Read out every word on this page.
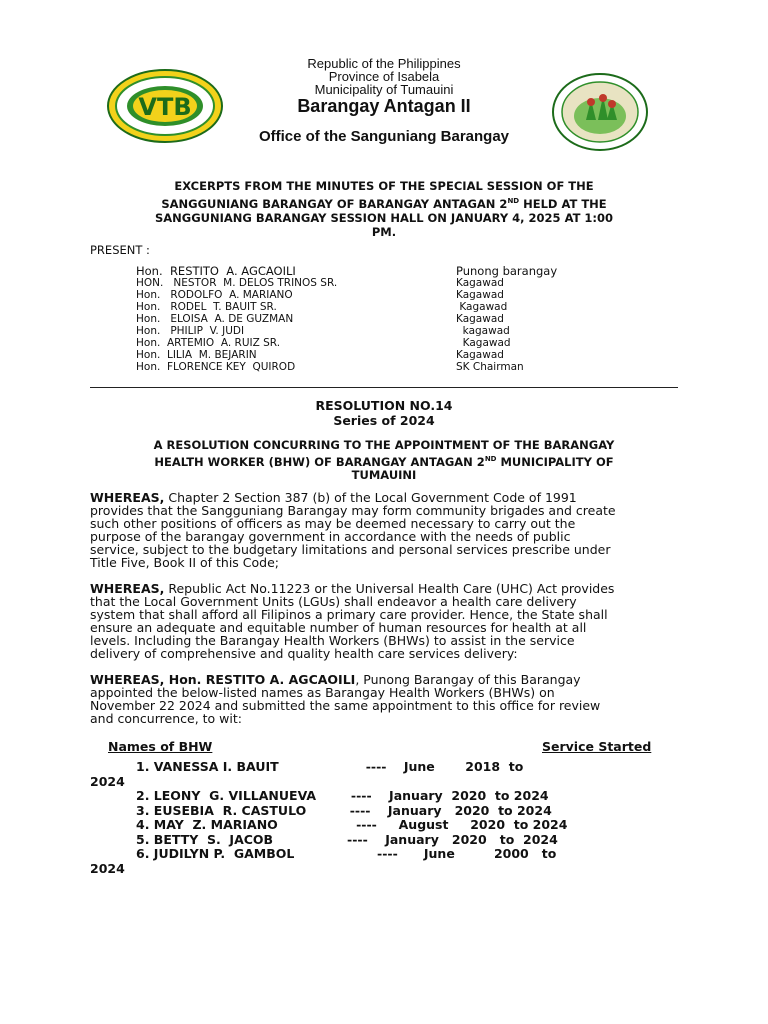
VTB
Republic of the Philippines
Province of Isabela
Municipality of Tumauini
Barangay Antagan II
Office of the Sanguniang Barangay
EXCERPTS FROM THE MINUTES OF THE SPECIAL SESSION OF THE
SANGGUNIANG BARANGAY OF BARANGAY ANTAGAN 2ND HELD AT THE
SANGGUNIANG BARANGAY SESSION HALL ON JANUARY 4, 2025 AT 1:00
PM.
PRESENT :
Hon.  RESTITO  A. AGCAOILI	Punong barangay
HON.   NESTOR  M. DELOS TRINOS SR.	Kagawad
Hon.   RODOLFO  A. MARIANO	Kagawad
Hon.   RODEL  T. BAUIT SR.	Kagawad
Hon.   ELOISA  A. DE GUZMAN	Kagawad
Hon.   PHILIP  V. JUDI	kagawad
Hon.  ARTEMIO  A. RUIZ SR.	Kagawad
Hon.  LILIA  M. BEJARIN	Kagawad
Hon.  FLORENCE KEY  QUIROD	SK Chairman
RESOLUTION NO.14
Series of 2024
A RESOLUTION CONCURRING TO THE APPOINTMENT OF THE BARANGAY
HEALTH WORKER (BHW) OF BARANGAY ANTAGAN 2ND MUNICIPALITY OF
TUMAUINI
WHEREAS, Chapter 2 Section 387 (b) of the Local Government Code of 1991
provides that the Sangguniang Barangay may form community brigades and create
such other positions of officers as may be deemed necessary to carry out the
purpose of the barangay government in accordance with the needs of public
service, subject to the budgetary limitations and personal services prescribe under
Title Five, Book II of this Code;
WHEREAS, Republic Act No.11223 or the Universal Health Care (UHC) Act provides
that the Local Government Units (LGUs) shall endeavor a health care delivery
system that shall afford all Filipinos a primary care provider. Hence, the State shall
ensure an adequate and equitable number of human resources for health at all
levels. Including the Barangay Health Workers (BHWs) to assist in the service
delivery of comprehensive and quality health care services delivery:
WHEREAS, Hon. RESTITO A. AGCAOILI, Punong Barangay of this Barangay
appointed the below-listed names as Barangay Health Workers (BHWs) on
November 22 2024 and submitted the same appointment to this office for review
and concurrence, to wit:
Names of BHW	Service Started
1. VANESSA I. BAUIT                    ----    June       2018  to
2024
2. LEONY  G. VILLANUEVA        ----    January  2020  to 2024
3. EUSEBIA  R. CASTULO          ----    January   2020  to 2024
4. MAY  Z. MARIANO                  ----     August     2020  to 2024
5. BETTY  S.  JACOB                 ----    January   2020   to  2024
6. JUDILYN P.  GAMBOL                   ----      June         2000   to
2024
